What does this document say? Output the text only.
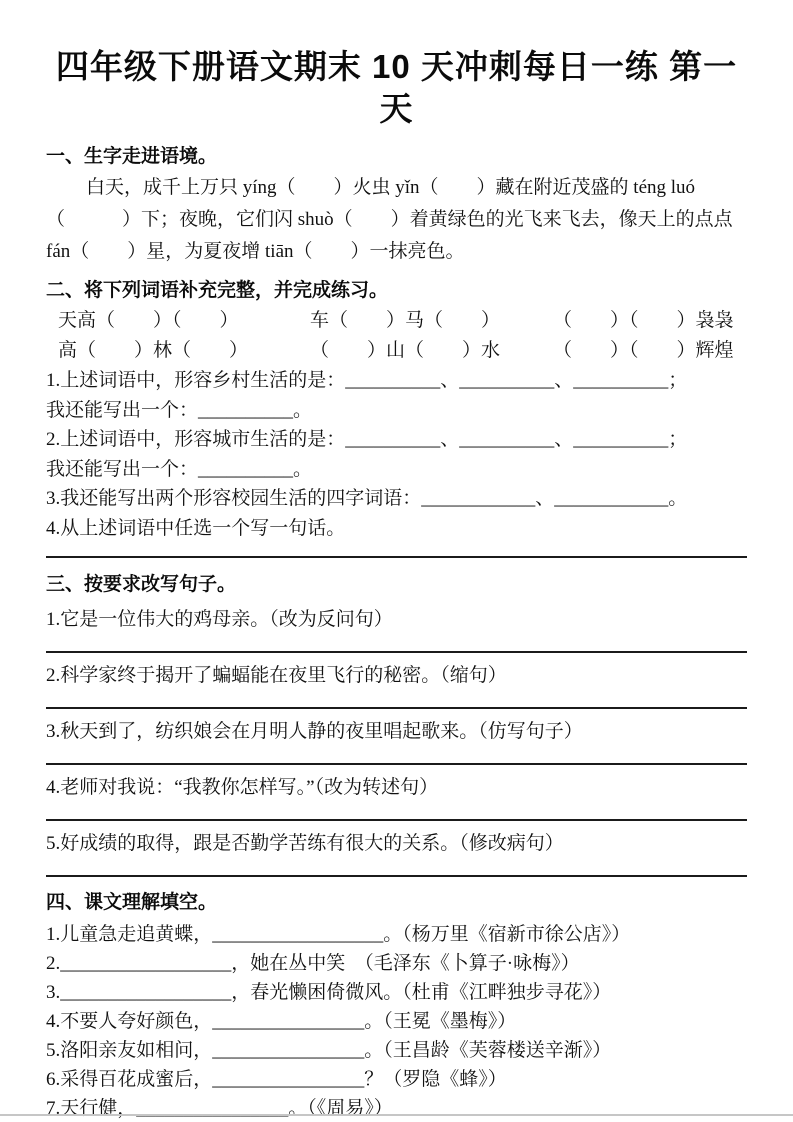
四年级下册语文期末 10 天冲刺每日一练 第一天
一、生字走进语境。
白天，成千上万只 yíng（　　）火虫 yǐn（　　）藏在附近茂盛的 téng luó
（　　　）下；夜晚，它们闪 shuò（　　）着黄绿色的光飞来飞去，像天上的点点
fán（　　）星，为夏夜增 tiān（　　）一抹亮色。
二、将下列词语补充完整，并完成练习。
天高（　　）（　　）	车（　　）马（　　）	（　　）（　　）袅袅
高（　　）林（　　）	（　　）山（　　）水	（　　）（　　）辉煌
1.上述词语中，形容乡村生活的是：__________、__________、__________；
我还能写出一个：__________。
2.上述词语中，形容城市生活的是：__________、__________、__________；
我还能写出一个：__________。
3.我还能写出两个形容校园生活的四字词语：____________、____________。
4.从上述词语中任选一个写一句话。
三、按要求改写句子。
1.它是一位伟大的鸡母亲。（改为反问句）
2.科学家终于揭开了蝙蝠能在夜里飞行的秘密。（缩句）
3.秋天到了，纺织娘会在月明人静的夜里唱起歌来。（仿写句子）
4.老师对我说：“我教你怎样写。”（改为转述句）
5.好成绩的取得，跟是否勤学苦练有很大的关系。（修改病句）
四、课文理解填空。
1.儿童急走追黄蝶，__________________。（杨万里《宿新市徐公店》）
2.__________________，她在丛中笑　（毛泽东《卜算子·咏梅》）
3.__________________，春光懒困倚微风。（杜甫《江畔独步寻花》）
4.不要人夸好颜色，________________。（王冕《墨梅》）
5.洛阳亲友如相问，________________。（王昌龄《芙蓉楼送辛渐》）
6.采得百花成蜜后，________________？（罗隐《蜂》）
7.天行健，________________。（《周易》）
